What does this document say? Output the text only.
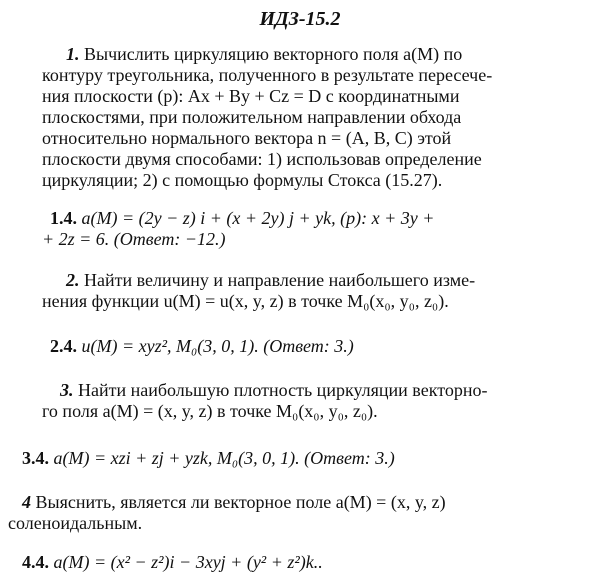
ИДЗ-15.2
1. Вычислить циркуляцию векторного поля a(M) по
контуру треугольника, полученного в результате пересече-
ния плоскости (p): Ax + By + Cz = D с координатными
плоскостями, при положительном направлении обхода
относительно нормального вектора n = (A, B, C) этой
плоскости двумя способами: 1) использовав определение
циркуляции; 2) с помощью формулы Стокса (15.27).
1.4. a(M) = (2y − z) i + (x + 2y) j + yk, (p): x + 3y +
+ 2z = 6. (Ответ: −12.)
2. Найти величину и направление наибольшего изме-
нения функции u(M) = u(x, y, z) в точке M₀(x₀, y₀, z₀).
2.4. u(M) = xyz², M₀(3, 0, 1). (Ответ: 3.)
3. Найти наибольшую плотность циркуляции векторно-
го поля a(M) = (x, y, z) в точке M₀(x₀, y₀, z₀).
3.4. a(M) = xzi + zj + yzk, M₀(3, 0, 1). (Ответ: 3.)
4 Выяснить, является ли векторное поле a(M) = (x, y, z)
соленоидальным.
4.4. a(M) = (x² − z²)i − 3xyj + (y² + z²)k..
